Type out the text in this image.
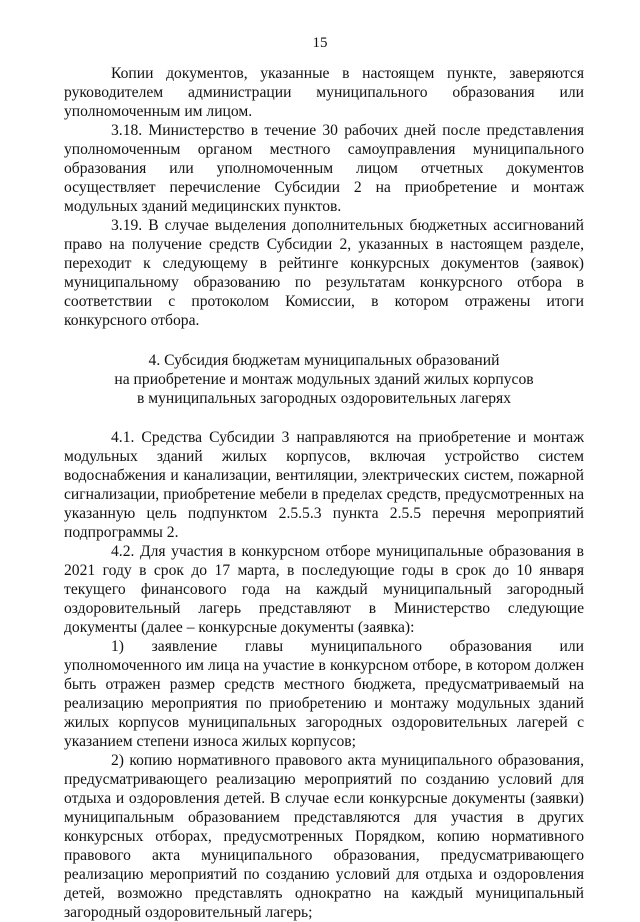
15

Копии документов, указанные в настоящем пункте, заверяются руководителем администрации муниципального образования или уполномоченным им лицом.

3.18. Министерство в течение 30 рабочих дней после представления уполномоченным органом местного самоуправления муниципального образования или уполномоченным лицом отчетных документов осуществляет перечисление Субсидии 2 на приобретение и монтаж модульных зданий медицинских пунктов.

3.19. В случае выделения дополнительных бюджетных ассигнований право на получение средств Субсидии 2, указанных в настоящем разделе, переходит к следующему в рейтинге конкурсных документов (заявок) муниципальному образованию по результатам конкурсного отбора в соответствии с протоколом Комиссии, в котором отражены итоги конкурсного отбора.

4. Субсидия бюджетам муниципальных образований
на приобретение и монтаж модульных зданий жилых корпусов
в муниципальных загородных оздоровительных лагерях

4.1. Средства Субсидии 3 направляются на приобретение и монтаж модульных зданий жилых корпусов, включая устройство систем водоснабжения и канализации, вентиляции, электрических систем, пожарной сигнализации, приобретение мебели в пределах средств, предусмотренных на указанную цель подпунктом 2.5.5.3 пункта 2.5.5 перечня мероприятий подпрограммы 2.

4.2. Для участия в конкурсном отборе муниципальные образования в 2021 году в срок до 17 марта, в последующие годы в срок до 10 января текущего финансового года на каждый муниципальный загородный оздоровительный лагерь представляют в Министерство следующие документы (далее – конкурсные документы (заявка):

1) заявление главы муниципального образования или уполномоченного им лица на участие в конкурсном отборе, в котором должен быть отражен размер средств местного бюджета, предусматриваемый на реализацию мероприятия по приобретению и монтажу модульных зданий жилых корпусов муниципальных загородных оздоровительных лагерей с указанием степени износа жилых корпусов;

2) копию нормативного правового акта муниципального образования, предусматривающего реализацию мероприятий по созданию условий для отдыха и оздоровления детей. В случае если конкурсные документы (заявки) муниципальным образованием представляются для участия в других конкурсных отборах, предусмотренных Порядком, копию нормативного правового акта муниципального образования, предусматривающего реализацию мероприятий по созданию условий для отдыха и оздоровления детей, возможно представлять однократно на каждый муниципальный загородный оздоровительный лагерь;
